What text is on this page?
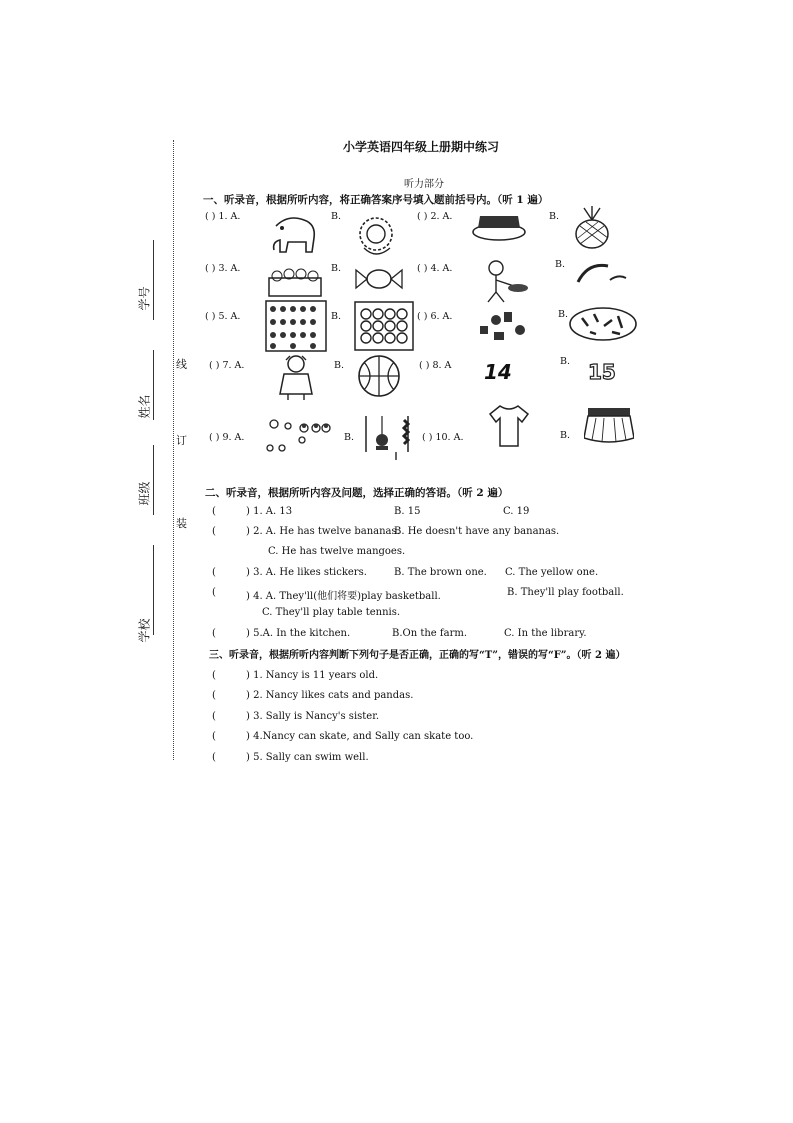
线
订
装
学号
姓名
班级
学校
小学英语四年级上册期中练习
听力部分
一、听录音，根据所听内容，将正确答案序号填入题前括号内。（听 1 遍）
( ) 1. A.	B.	( ) 2. A.	B.
( ) 3. A.	B.	( ) 4. A.	B.
( ) 5. A.	B.	( ) 6. A.	B.
( ) 7. A.	B.	( ) 8. A	B.
14	15
( ) 9. A.	B.	( ) 10. A.	B.
二、听录音，根据所听内容及问题，选择正确的答语。（听 2 遍）
(	) 1. A. 13	B. 15	C. 19
(	) 2. A. He has twelve bananas.
B. He doesn't have any bananas.
C. He has twelve mangoes.
(	) 3. A. He likes stickers.	B. The brown one. C. The yellow one.
(	) 4. A. They'll(他们将要)play basketball.	B. They'll play football.
C. They'll play table tennis.
(	) 5.A. In the kitchen.	B.On the farm.	C. In the library.
三、听录音，根据所听内容判断下列句子是否正确，正确的写“T”，错误的写“F”。（听 2 遍）
(	) 1. Nancy is 11 years old.
(	) 2. Nancy likes cats and pandas.
(	) 3. Sally is Nancy's sister.
(	) 4.Nancy can skate, and Sally can skate too.
(	) 5. Sally can swim well.
